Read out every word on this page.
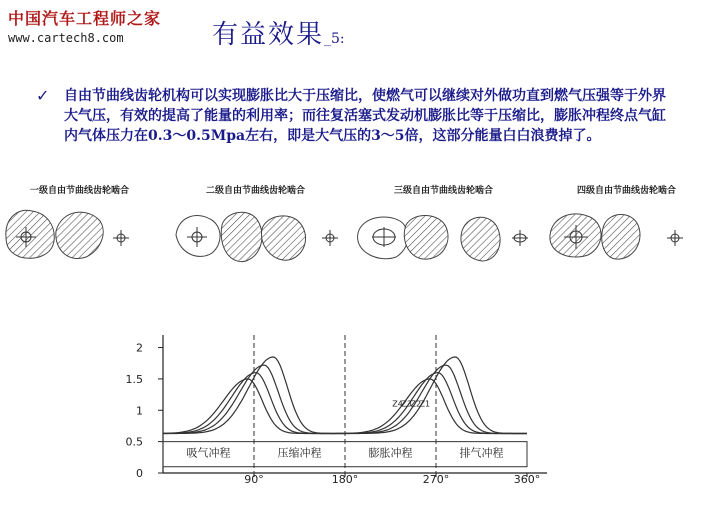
中国汽车工程师之家
www.cartech8.com	有益效果_5:
✓ 自由节曲线齿轮机构可以实现膨胀比大于压缩比，使燃气可以继续对外做功直到燃气压强等于外界大气压，有效的提高了能量的利用率；而往复活塞式发动机膨胀比等于压缩比，膨胀冲程终点气缸内气体压力在0.3～0.5Mpa左右，即是大气压的3～5倍，这部分能量白白浪费掉了。
一级自由节曲线齿轮啮合	二级自由节曲线齿轮啮合	三级自由节曲线齿轮啮合	四级自由节曲线齿轮啮合
0
0.5
1
1.5
2
90°	180°	270°	360°
吸气冲程	压缩冲程	膨胀冲程	排气冲程
Z4
Z3
Z2
Z1
